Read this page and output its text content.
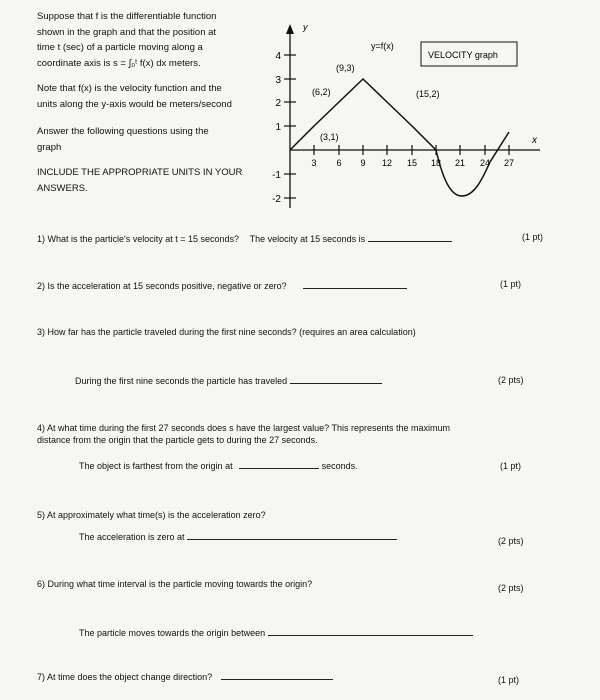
Suppose that f is the differentiable function
shown in the graph and that the position at
time t (sec) of a particle moving along a
coordinate axis is s = ∫₀ᵗ f(x) dx meters.
Note that f(x) is the velocity function and the
units along the y-axis would be meters/second
Answer the following questions using the
graph
INCLUDE THE APPROPRIATE UNITS IN YOUR
ANSWERS.
VELOCITY graph
y=f(x)
y
x
(9,3)
(6,2)	(15,2)
(3,1)
4
3
2
1
-1
-2
3 6 9 12 15 18 21 24 27
1) What is the particle's velocity at t = 15 seconds? The velocity at 15 seconds is	(1 pt)
2) Is the acceleration at 15 seconds positive, negative or zero?	(1 pt)
3) How far has the particle traveled during the first nine seconds? (requires an area calculation)
During the first nine seconds the particle has traveled	(2 pts)
4) At what time during the first 27 seconds does s have the largest value? This represents the maximum
distance from the origin that the particle gets to during the 27 seconds.
The object is farthest from the origin at	seconds.	(1 pt)
5) At approximately what time(s) is the acceleration zero?
The acceleration is zero at	(2 pts)
6) During what time interval is the particle moving towards the origin?	(2 pts)
The particle moves towards the origin between
7) At time does the object change direction?	(1 pt)
